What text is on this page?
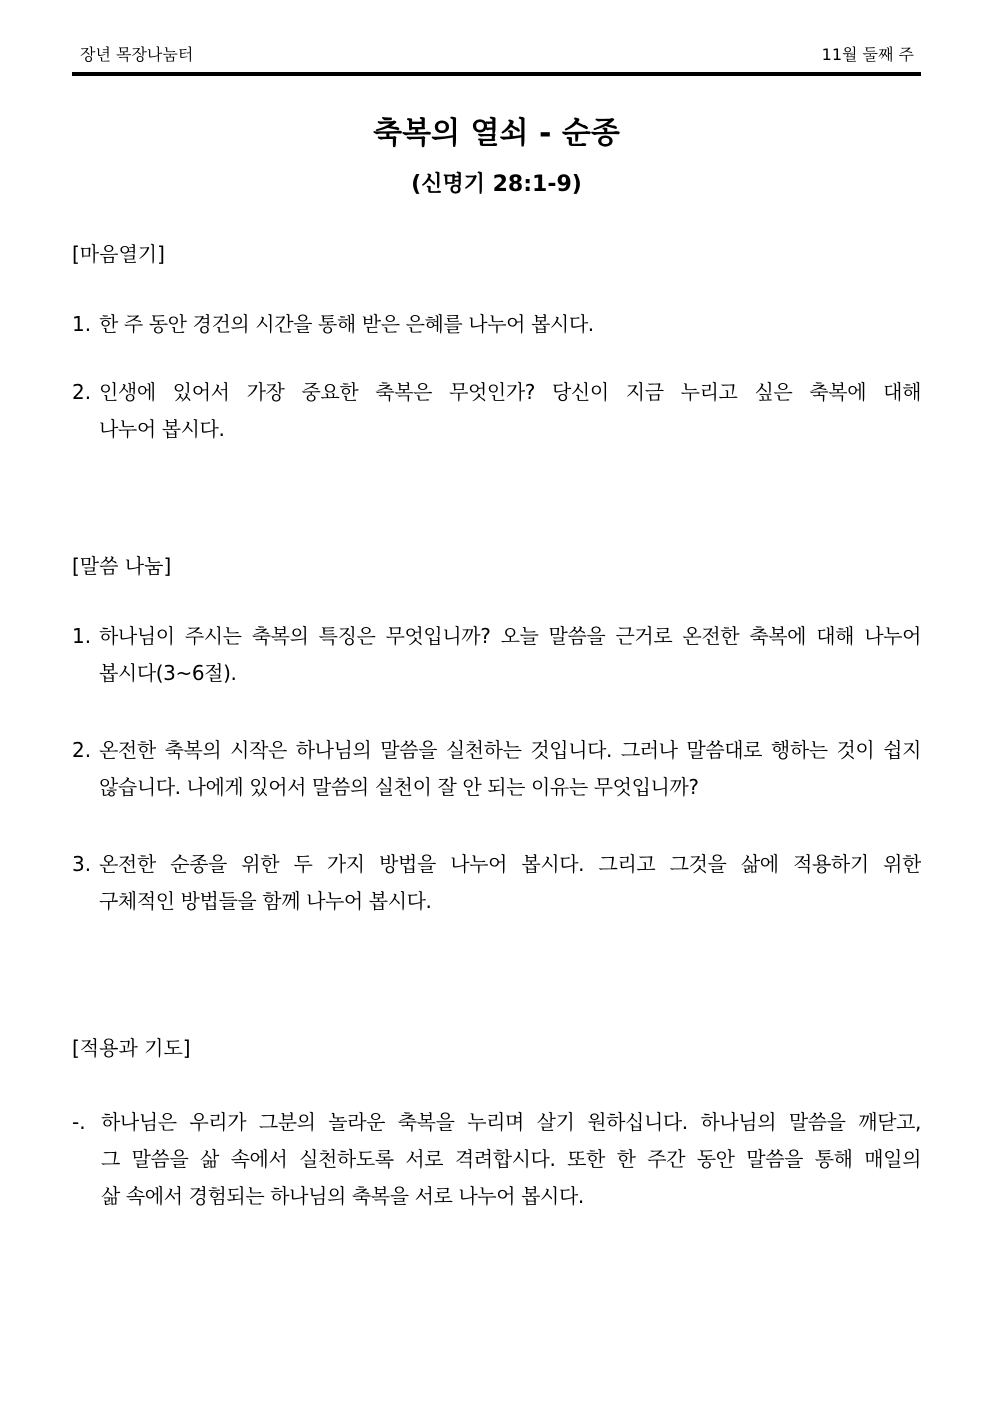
장년 목장나눔터	11월 둘째 주
축복의 열쇠 - 순종
(신명기 28:1-9)
[마음열기]
1. 한 주 동안 경건의 시간을 통해 받은 은혜를 나누어 봅시다.
2. 인생에 있어서 가장 중요한 축복은 무엇인가? 당신이 지금 누리고 싶은 축복에 대해
나누어 봅시다.
[말씀 나눔]
1. 하나님이 주시는 축복의 특징은 무엇입니까? 오늘 말씀을 근거로 온전한 축복에 대해 나누어
봅시다(3~6절).
2. 온전한 축복의 시작은 하나님의 말씀을 실천하는 것입니다. 그러나 말씀대로 행하는 것이 쉽지
않습니다. 나에게 있어서 말씀의 실천이 잘 안 되는 이유는 무엇입니까?
3. 온전한 순종을 위한 두 가지 방법을 나누어 봅시다. 그리고 그것을 삶에 적용하기 위한
구체적인 방법들을 함께 나누어 봅시다.
[적용과 기도]
-. 하나님은 우리가 그분의 놀라운 축복을 누리며 살기 원하십니다. 하나님의 말씀을 깨닫고,
그 말씀을 삶 속에서 실천하도록 서로 격려합시다. 또한 한 주간 동안 말씀을 통해 매일의
삶 속에서 경험되는 하나님의 축복을 서로 나누어 봅시다.
